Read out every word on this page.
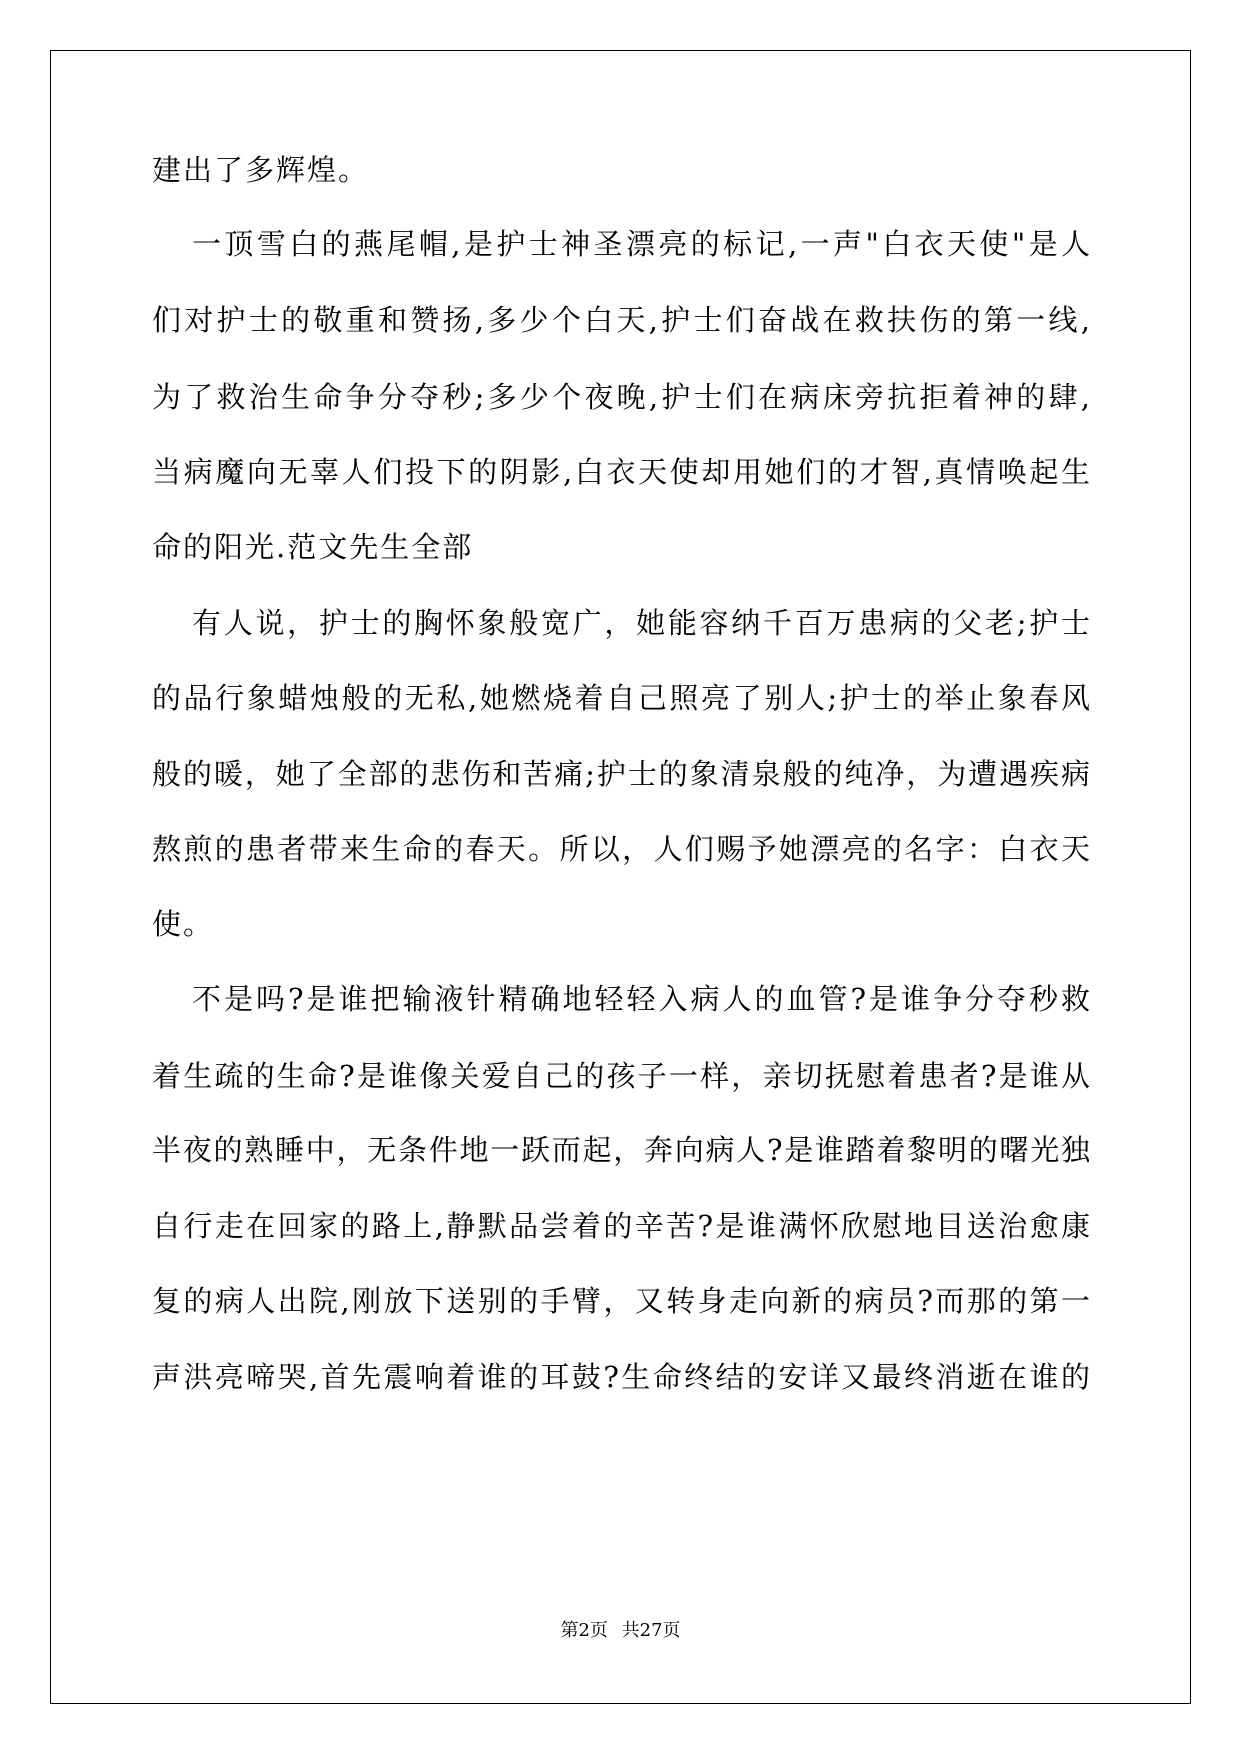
建出了多辉煌。
一顶雪白的燕尾帽,是护士神圣漂亮的标记,一声"白衣天使"是人
们对护士的敬重和赞扬,多少个白天,护士们奋战在救扶伤的第一线,
为了救治生命争分夺秒;多少个夜晚,护士们在病床旁抗拒着神的肆,
当病魔向无辜人们投下的阴影,白衣天使却用她们的才智,真情唤起生
命的阳光.范文先生全部
有人说，护士的胸怀象般宽广，她能容纳千百万患病的父老;护士
的品行象蜡烛般的无私,她燃烧着自己照亮了别人;护士的举止象春风
般的暖，她了全部的悲伤和苦痛;护士的象清泉般的纯净，为遭遇疾病
熬煎的患者带来生命的春天。所以，人们赐予她漂亮的名字：白衣天
使。
不是吗?是谁把输液针精确地轻轻入病人的血管?是谁争分夺秒救
着生疏的生命?是谁像关爱自己的孩子一样，亲切抚慰着患者?是谁从
半夜的熟睡中，无条件地一跃而起，奔向病人?是谁踏着黎明的曙光独
自行走在回家的路上,静默品尝着的辛苦?是谁满怀欣慰地目送治愈康
复的病人出院,刚放下送别的手臂，又转身走向新的病员?而那的第一
声洪亮啼哭,首先震响着谁的耳鼓?生命终结的安详又最终消逝在谁的
第2页 共27页
